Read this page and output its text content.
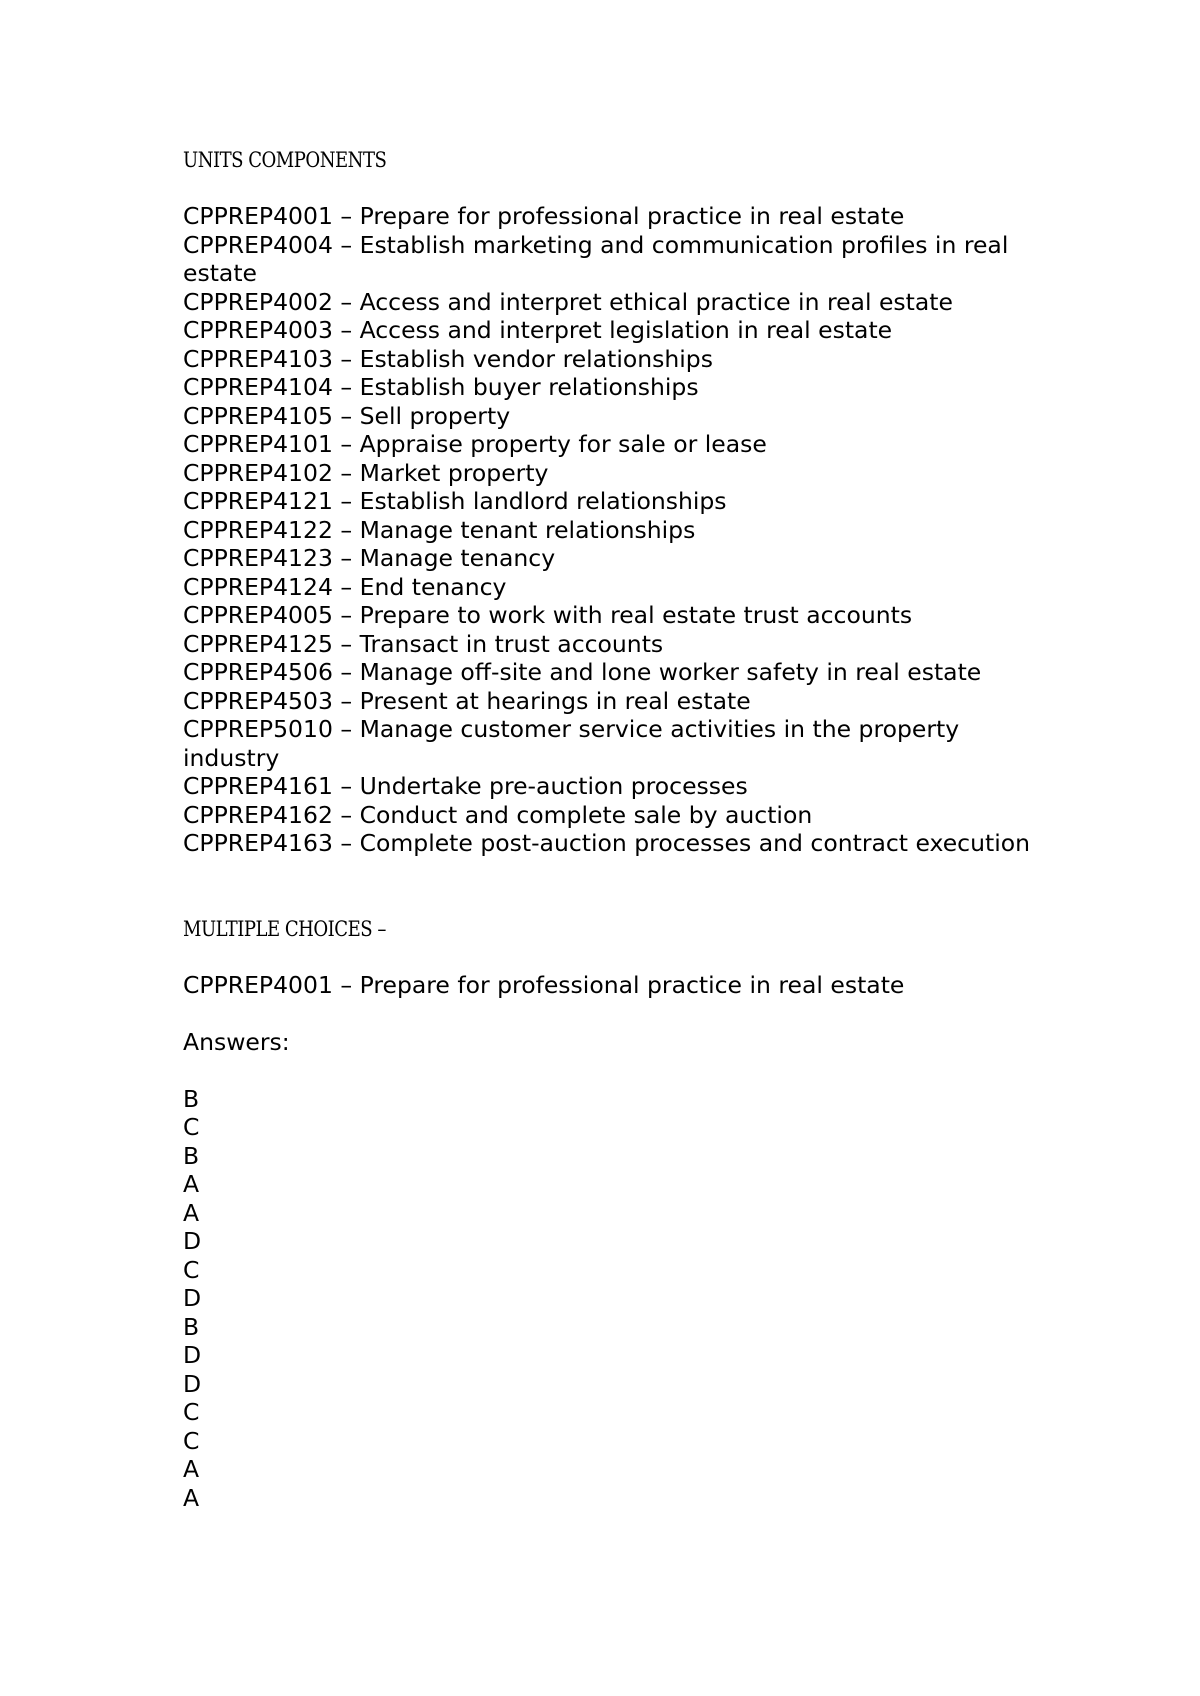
UNITS COMPONENTS

CPPREP4001 – Prepare for professional practice in real estate
CPPREP4004 – Establish marketing and communication profiles in real estate
CPPREP4002 – Access and interpret ethical practice in real estate
CPPREP4003 – Access and interpret legislation in real estate
CPPREP4103 – Establish vendor relationships
CPPREP4104 – Establish buyer relationships
CPPREP4105 – Sell property
CPPREP4101 – Appraise property for sale or lease
CPPREP4102 – Market property
CPPREP4121 – Establish landlord relationships
CPPREP4122 – Manage tenant relationships
CPPREP4123 – Manage tenancy
CPPREP4124 – End tenancy
CPPREP4005 – Prepare to work with real estate trust accounts
CPPREP4125 – Transact in trust accounts
CPPREP4506 – Manage off-site and lone worker safety in real estate
CPPREP4503 – Present at hearings in real estate
CPPREP5010 – Manage customer service activities in the property industry
CPPREP4161 – Undertake pre-auction processes
CPPREP4162 – Conduct and complete sale by auction
CPPREP4163 – Complete post-auction processes and contract execution

MULTIPLE CHOICES –

CPPREP4001 – Prepare for professional practice in real estate

Answers:

B
C
B
A
A
D
C
D
B
D
D
C
C
A
A
